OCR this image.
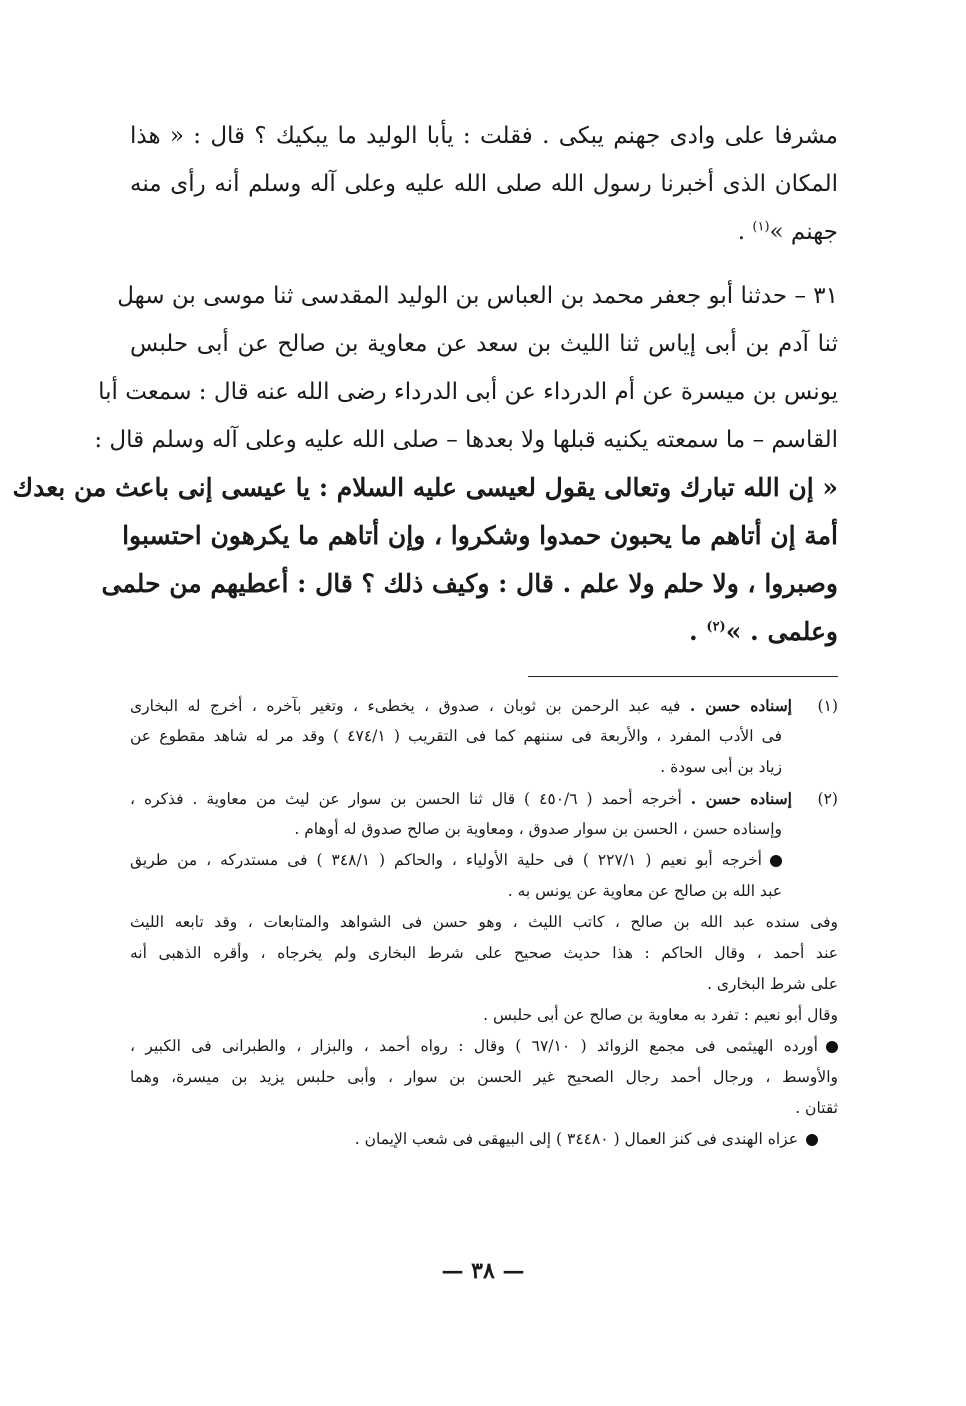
مشرفا على وادى جهنم يبكى . فقلت : يأبا الوليد ما يبكيك ؟ قال : « هذا
المكان الذى أخبرنا رسول الله صلى الله عليه وعلى آله وسلم أنه رأى منه
جهنم »$^{(١)}$ .
٣١ – حدثنا أبو جعفر محمد بن العباس بن الوليد المقدسى ثنا موسى بن سهل
ثنا آدم بن أبى إياس ثنا الليث بن سعد عن معاوية بن صالح عن أبى حلبس
يونس بن ميسرة عن أم الدرداء عن أبى الدرداء رضى الله عنه قال : سمعت أبا
القاسم – ما سمعته يكنيه قبلها ولا بعدها – صلى الله عليه وعلى آله وسلم قال :
« إن الله تبارك وتعالى يقول لعيسى عليه السلام : يا عيسى إنى باعث من بعدك
أمة إن أتاهم ما يحبون حمدوا وشكروا ، وإن أتاهم ما يكرهون احتسبوا
وصبروا ، ولا حلم ولا علم . قال : وكيف ذلك ؟ قال : أعطيهم من حلمى
وعلمى . »$^{(٢)}$ .
(١)إسناده حسن . فيه عبد الرحمن بن ثوبان ، صدوق ، يخطىء ، وتغير بآخره ، أخرج له البخارى
فى الأدب المفرد ، والأربعة فى سننهم كما فى التقريب ( ٤٧٤/١ ) وقد مر له شاهد مقطوع عن
زياد بن أبى سودة .
(٢)إسناده حسن . أخرجه أحمد ( ٤٥٠/٦ ) قال ثنا الحسن بن سوار عن ليث من معاوية . فذكره ،
وإسناده حسن ، الحسن بن سوار صدوق ، ومعاوية بن صالح صدوق له أوهام .
أخرجه أبو نعيم ( ٢٢٧/١ ) فى حلية الأولياء ، والحاكم ( ٣٤٨/١ ) فى مستدركه ، من طريق
عبد الله بن صالح عن معاوية عن يونس به .
وفى سنده عبد الله بن صالح ، كاتب الليث ، وهو حسن فى الشواهد والمتابعات ، وقد تابعه الليث
عند أحمد ، وقال الحاكم : هذا حديث صحيح على شرط البخارى ولم يخرجاه ، وأقره الذهبى أنه
على شرط البخارى .
وقال أبو نعيم : تفرد به معاوية بن صالح عن أبى حلبس .
أورده الهيثمى فى مجمع الزوائد ( ٦٧/١٠ ) وقال : رواه أحمد ، والبزار ، والطبرانى فى الكبير ،
والأوسط ، ورجال أحمد رجال الصحيح غير الحسن بن سوار ، وأبى حلبس يزيد بن ميسرة، وهما
ثقتان .
عزاه الهندى فى كنز العمال ( ٣٤٤٨٠ ) إلى البيهقى فى شعب الإيمان .
— ٣٨ —
